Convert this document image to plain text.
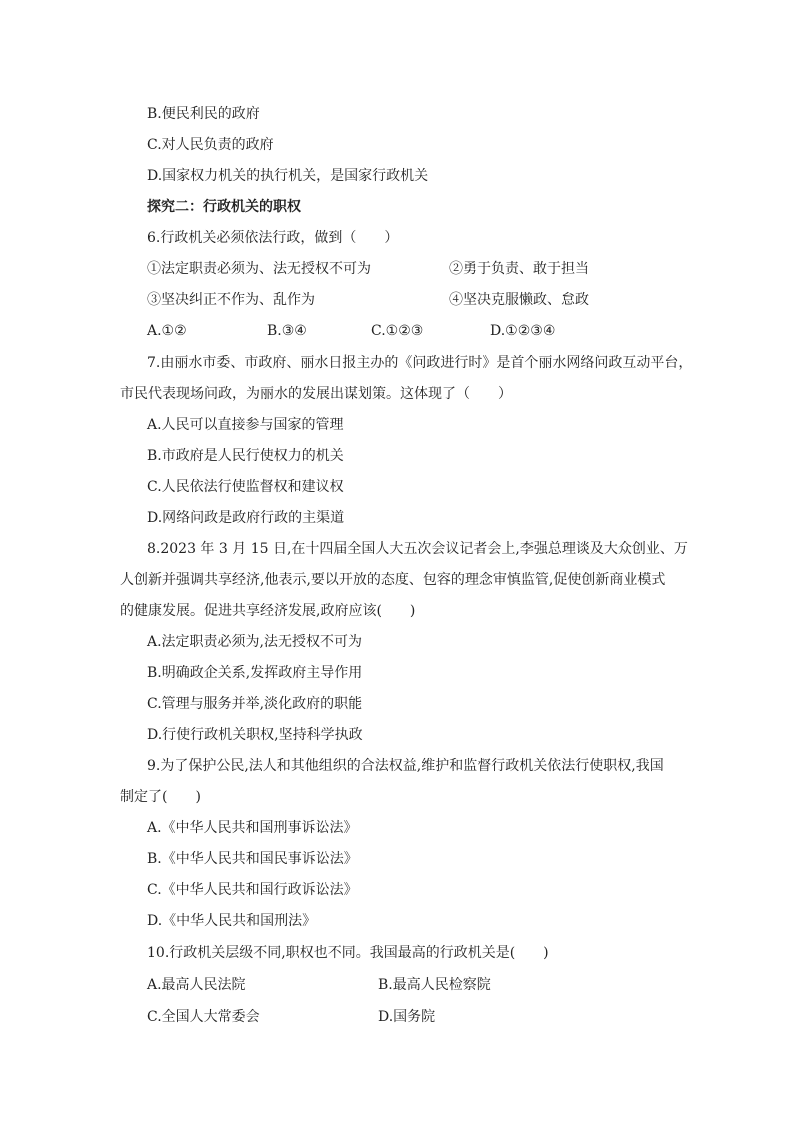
B.便民利民的政府
C.对人民负责的政府
D.国家权力机关的执行机关，是国家行政机关
探究二：行政机关的职权
6.行政机关必须依法行政，做到（　　）
①法定职责必须为、法无授权不可为	②勇于负责、敢于担当
③坚决纠正不作为、乱作为	④坚决克服懒政、怠政
A.①②	B.③④	C.①②③	D.①②③④
7.由丽水市委、市政府、丽水日报主办的《问政进行时》是首个丽水网络问政互动平台，
市民代表现场问政，为丽水的发展出谋划策。这体现了（　　）
A.人民可以直接参与国家的管理
B.市政府是人民行使权力的机关
C.人民依法行使监督权和建议权
D.网络问政是政府行政的主渠道
8.2023 年 3 月 15 日,在十四届全国人大五次会议记者会上,李强总理谈及大众创业、万
人创新并强调共享经济,他表示,要以开放的态度、包容的理念审慎监管,促使创新商业模式
的健康发展。促进共享经济发展,政府应该(　　)
A.法定职责必须为,法无授权不可为
B.明确政企关系,发挥政府主导作用
C.管理与服务并举,淡化政府的职能
D.行使行政机关职权,坚持科学执政
9.为了保护公民,法人和其他组织的合法权益,维护和监督行政机关依法行使职权,我国
制定了(　　)
A.《中华人民共和国刑事诉讼法》
B.《中华人民共和国民事诉讼法》
C.《中华人民共和国行政诉讼法》
D.《中华人民共和国刑法》
10.行政机关层级不同,职权也不同。我国最高的行政机关是(　　)
A.最高人民法院	B.最高人民检察院
C.全国人大常委会	D.国务院
